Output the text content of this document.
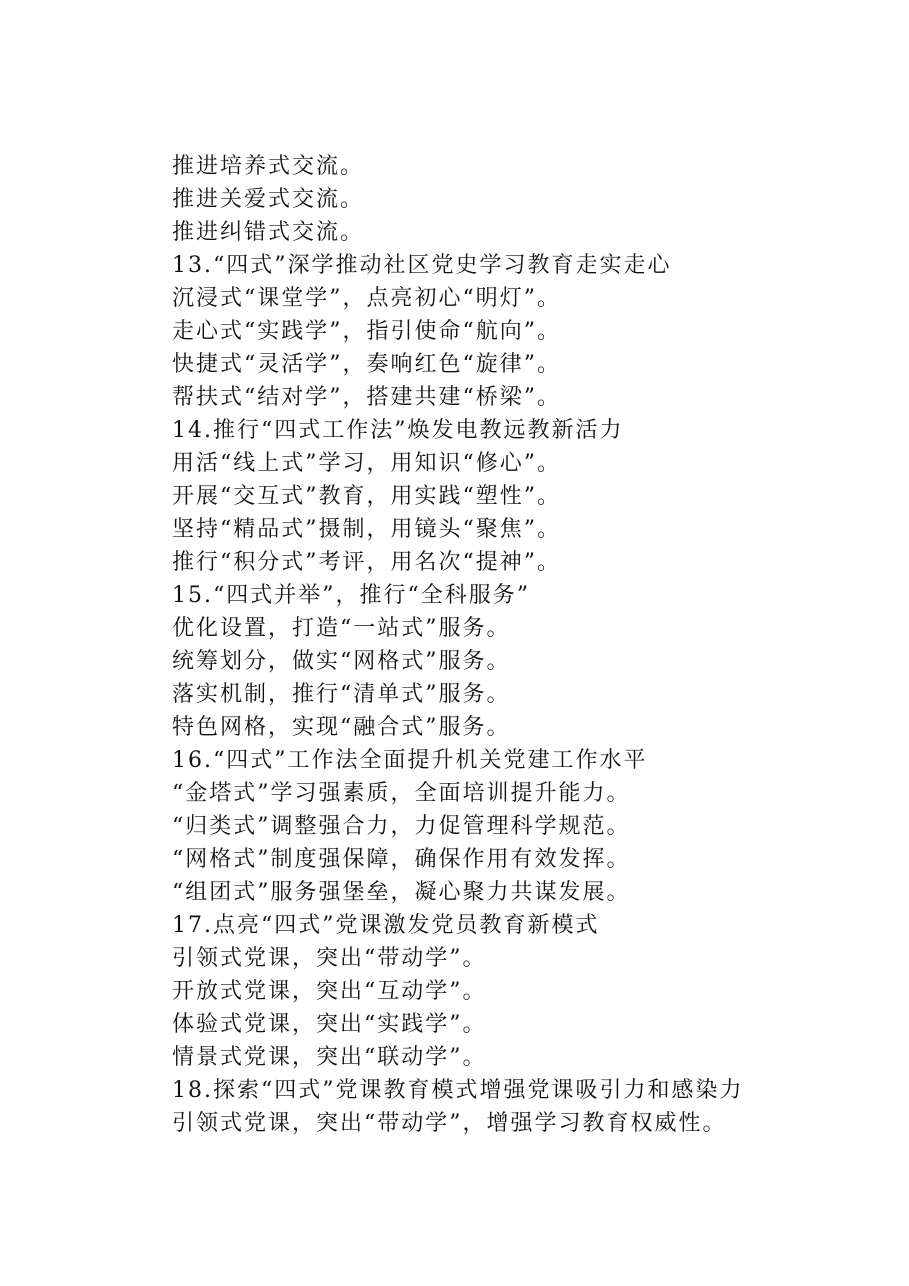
推进培养式交流。
推进关爱式交流。
推进纠错式交流。
13.“四式”深学推动社区党史学习教育走实走心
沉浸式“课堂学”，点亮初心“明灯”。
走心式“实践学”，指引使命“航向”。
快捷式“灵活学”，奏响红色“旋律”。
帮扶式“结对学”，搭建共建“桥梁”。
14.推行“四式工作法”焕发电教远教新活力
用活“线上式”学习，用知识“修心”。
开展“交互式”教育，用实践“塑性”。
坚持“精品式”摄制，用镜头“聚焦”。
推行“积分式”考评，用名次“提神”。
15.“四式并举”，推行“全科服务”
优化设置，打造“一站式”服务。
统筹划分，做实“网格式”服务。
落实机制，推行“清单式”服务。
特色网格，实现“融合式”服务。
16.“四式”工作法全面提升机关党建工作水平
“金塔式”学习强素质，全面培训提升能力。
“归类式”调整强合力，力促管理科学规范。
“网格式”制度强保障，确保作用有效发挥。
“组团式”服务强堡垒，凝心聚力共谋发展。
17.点亮“四式”党课激发党员教育新模式
引领式党课，突出“带动学”。
开放式党课，突出“互动学”。
体验式党课，突出“实践学”。
情景式党课，突出“联动学”。
18.探索“四式”党课教育模式增强党课吸引力和感染力
引领式党课，突出“带动学”，增强学习教育权威性。
